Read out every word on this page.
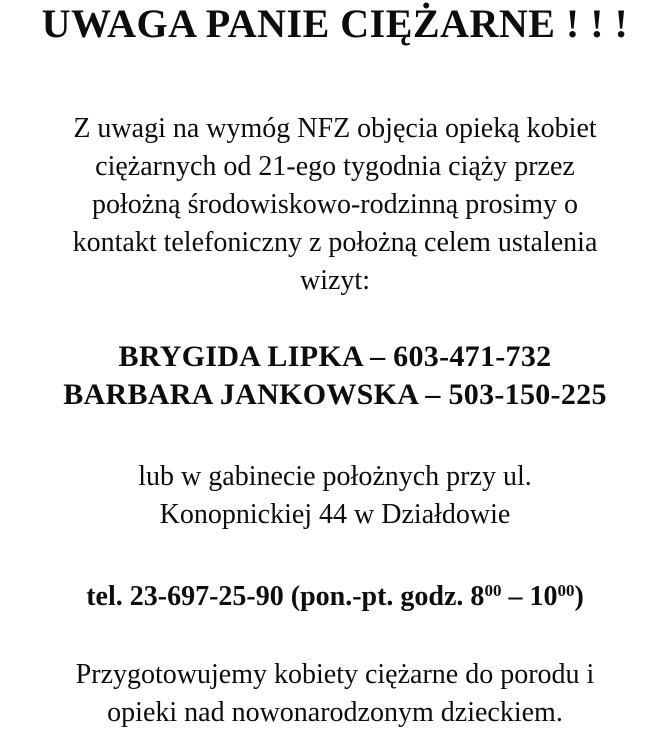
UWAGA PANIE CIĘŻARNE ! ! !
Z uwagi na wymóg NFZ objęcia opieką kobiet
ciężarnych od 21-ego tygodnia ciąży przez
położną środowiskowo-rodzinną prosimy o
kontakt telefoniczny z położną celem ustalenia
wizyt:
BRYGIDA LIPKA – 603-471-732
BARBARA JANKOWSKA – 503-150-225
lub w gabinecie położnych przy ul.
Konopnickiej 44 w Działdowie
tel. 23-697-25-90 (pon.-pt. godz. $8^{00} - 10^{00}$)
Przygotowujemy kobiety ciężarne do porodu i
opieki nad nowonarodzonym dzieckiem.
